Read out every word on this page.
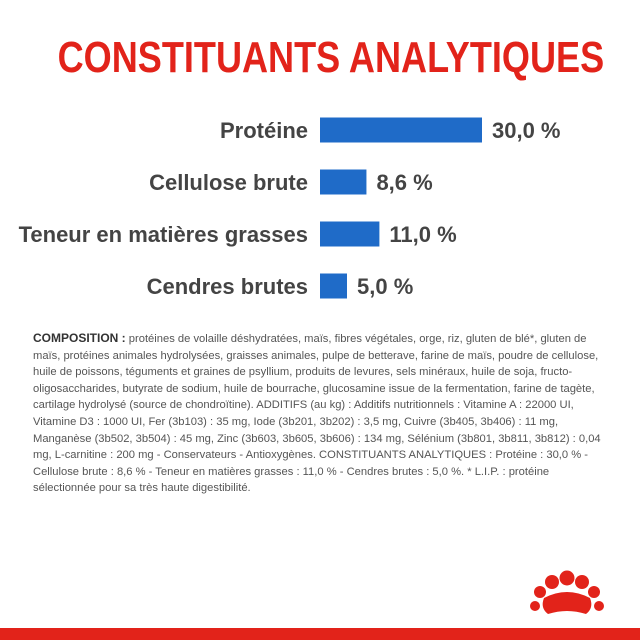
CONSTITUANTS ANALYTIQUES
Protéine	30,0 %
Cellulose brute	8,6 %
Teneur en matières grasses	11,0 %
Cendres brutes 5,0 %
COMPOSITION : protéines de volaille déshydratées, maïs, fibres végétales, orge, riz, gluten de blé*, gluten de maïs, protéines animales hydrolysées, graisses animales, pulpe de betterave, farine de maïs, poudre de cellulose, huile de poissons, téguments et graines de psyllium, produits de levures, sels minéraux, huile de soja, fructo-oligosaccharides, butyrate de sodium, huile de bourrache, glucosamine issue de la fermentation, farine de tagète, cartilage hydrolysé (source de chondroïtine). ADDITIFS (au kg) : Additifs nutritionnels : Vitamine A : 22000 UI, Vitamine D3 : 1000 UI, Fer (3b103) : 35 mg, Iode (3b201, 3b202) : 3,5 mg, Cuivre (3b405, 3b406) : 11 mg, Manganèse (3b502, 3b504) : 45 mg, Zinc (3b603, 3b605, 3b606) : 134 mg, Sélénium (3b801, 3b811, 3b812) : 0,04 mg, L-carnitine : 200 mg - Conservateurs - Antioxygènes. CONSTITUANTS ANALYTIQUES : Protéine : 30,0 % - Cellulose brute : 8,6 % - Teneur en matières grasses : 11,0 % - Cendres brutes : 5,0 %. * L.I.P. : protéine sélectionnée pour sa très haute digestibilité.
